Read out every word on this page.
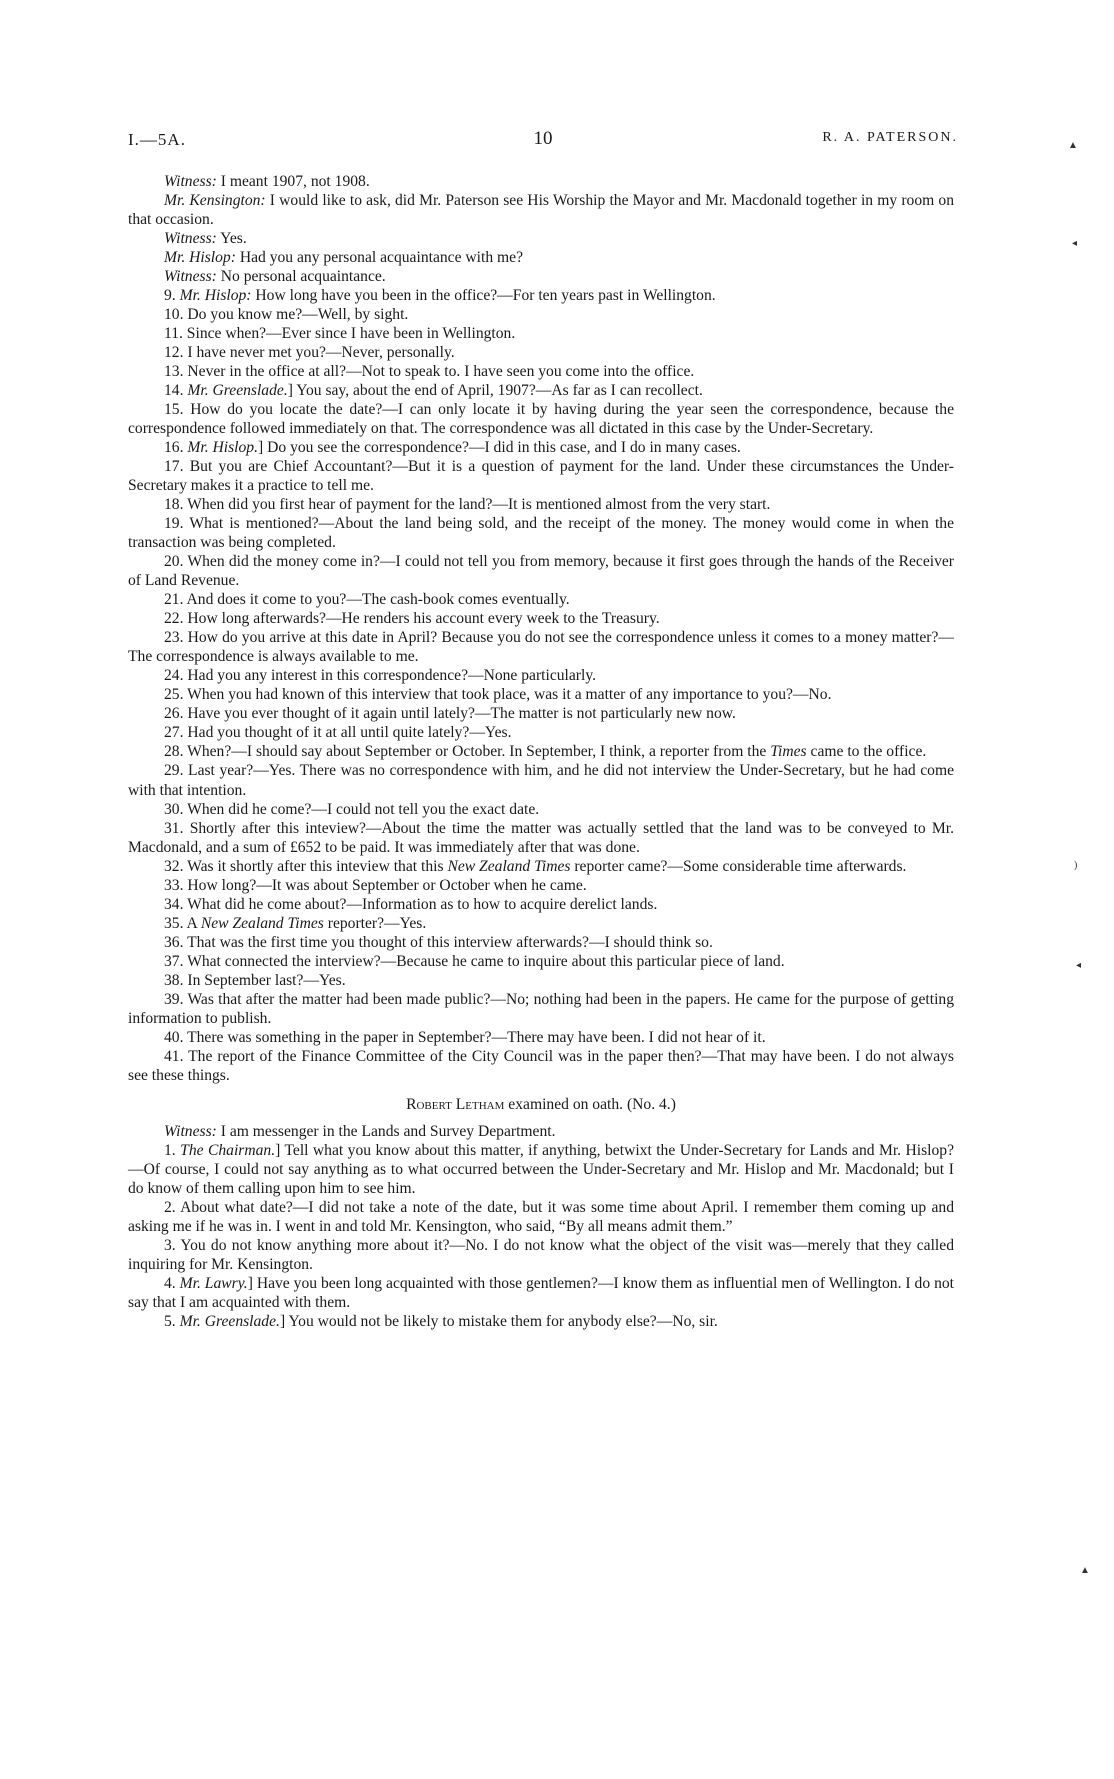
I.—5A.	10	R. A. PATERSON.

Witness: I meant 1907, not 1908.

Mr. Kensington: I would like to ask, did Mr. Paterson see His Worship the Mayor and Mr. Macdonald together in my room on that occasion.

Witness: Yes.

Mr. Hislop: Had you any personal acquaintance with me?

Witness: No personal acquaintance.

9. Mr. Hislop: How long have you been in the office?—For ten years past in Wellington.

10. Do you know me?—Well, by sight.

11. Since when?—Ever since I have been in Wellington.

12. I have never met you?—Never, personally.

13. Never in the office at all?—Not to speak to. I have seen you come into the office.

14. Mr. Greenslade.] You say, about the end of April, 1907?—As far as I can recollect.

15. How do you locate the date?—I can only locate it by having during the year seen the correspondence, because the correspondence followed immediately on that. The correspondence was all dictated in this case by the Under-Secretary.

16. Mr. Hislop.] Do you see the correspondence?—I did in this case, and I do in many cases.

17. But you are Chief Accountant?—But it is a question of payment for the land. Under these circumstances the Under-Secretary makes it a practice to tell me.

18. When did you first hear of payment for the land?—It is mentioned almost from the very start.

19. What is mentioned?—About the land being sold, and the receipt of the money. The money would come in when the transaction was being completed.

20. When did the money come in?—I could not tell you from memory, because it first goes through the hands of the Receiver of Land Revenue.

21. And does it come to you?—The cash-book comes eventually.

22. How long afterwards?—He renders his account every week to the Treasury.

23. How do you arrive at this date in April? Because you do not see the correspondence unless it comes to a money matter?—The correspondence is always available to me.

24. Had you any interest in this correspondence?—None particularly.

25. When you had known of this interview that took place, was it a matter of any importance to you?—No.

26. Have you ever thought of it again until lately?—The matter is not particularly new now.

27. Had you thought of it at all until quite lately?—Yes.

28. When?—I should say about September or October. In September, I think, a reporter from the Times came to the office.

29. Last year?—Yes. There was no correspondence with him, and he did not interview the Under-Secretary, but he had come with that intention.

30. When did he come?—I could not tell you the exact date.

31. Shortly after this inteview?—About the time the matter was actually settled that the land was to be conveyed to Mr. Macdonald, and a sum of £652 to be paid. It was immediately after that was done.

32. Was it shortly after this inteview that this New Zealand Times reporter came?—Some considerable time afterwards.

33. How long?—It was about September or October when he came.

34. What did he come about?—Information as to how to acquire derelict lands.

35. A New Zealand Times reporter?—Yes.

36. That was the first time you thought of this interview afterwards?—I should think so.

37. What connected the interview?—Because he came to inquire about this particular piece of land.

38. In September last?—Yes.

39. Was that after the matter had been made public?—No; nothing had been in the papers. He came for the purpose of getting information to publish.

40. There was something in the paper in September?—There may have been. I did not hear of it.

41. The report of the Finance Committee of the City Council was in the paper then?—That may have been. I do not always see these things.

Robert Letham examined on oath. (No. 4.)

Witness: I am messenger in the Lands and Survey Department.

1. The Chairman.] Tell what you know about this matter, if anything, betwixt the Under-Secretary for Lands and Mr. Hislop?—Of course, I could not say anything as to what occurred between the Under-Secretary and Mr. Hislop and Mr. Macdonald; but I do know of them calling upon him to see him.

2. About what date?—I did not take a note of the date, but it was some time about April. I remember them coming up and asking me if he was in. I went in and told Mr. Kensington, who said, “By all means admit them.”

3. You do not know anything more about it?—No. I do not know what the object of the visit was—merely that they called inquiring for Mr. Kensington.

4. Mr. Lawry.] Have you been long acquainted with those gentlemen?—I know them as influential men of Wellington. I do not say that I am acquainted with them.

5. Mr. Greenslade.] You would not be likely to mistake them for anybody else?—No, sir.

▲
◂
)
◂
▲
